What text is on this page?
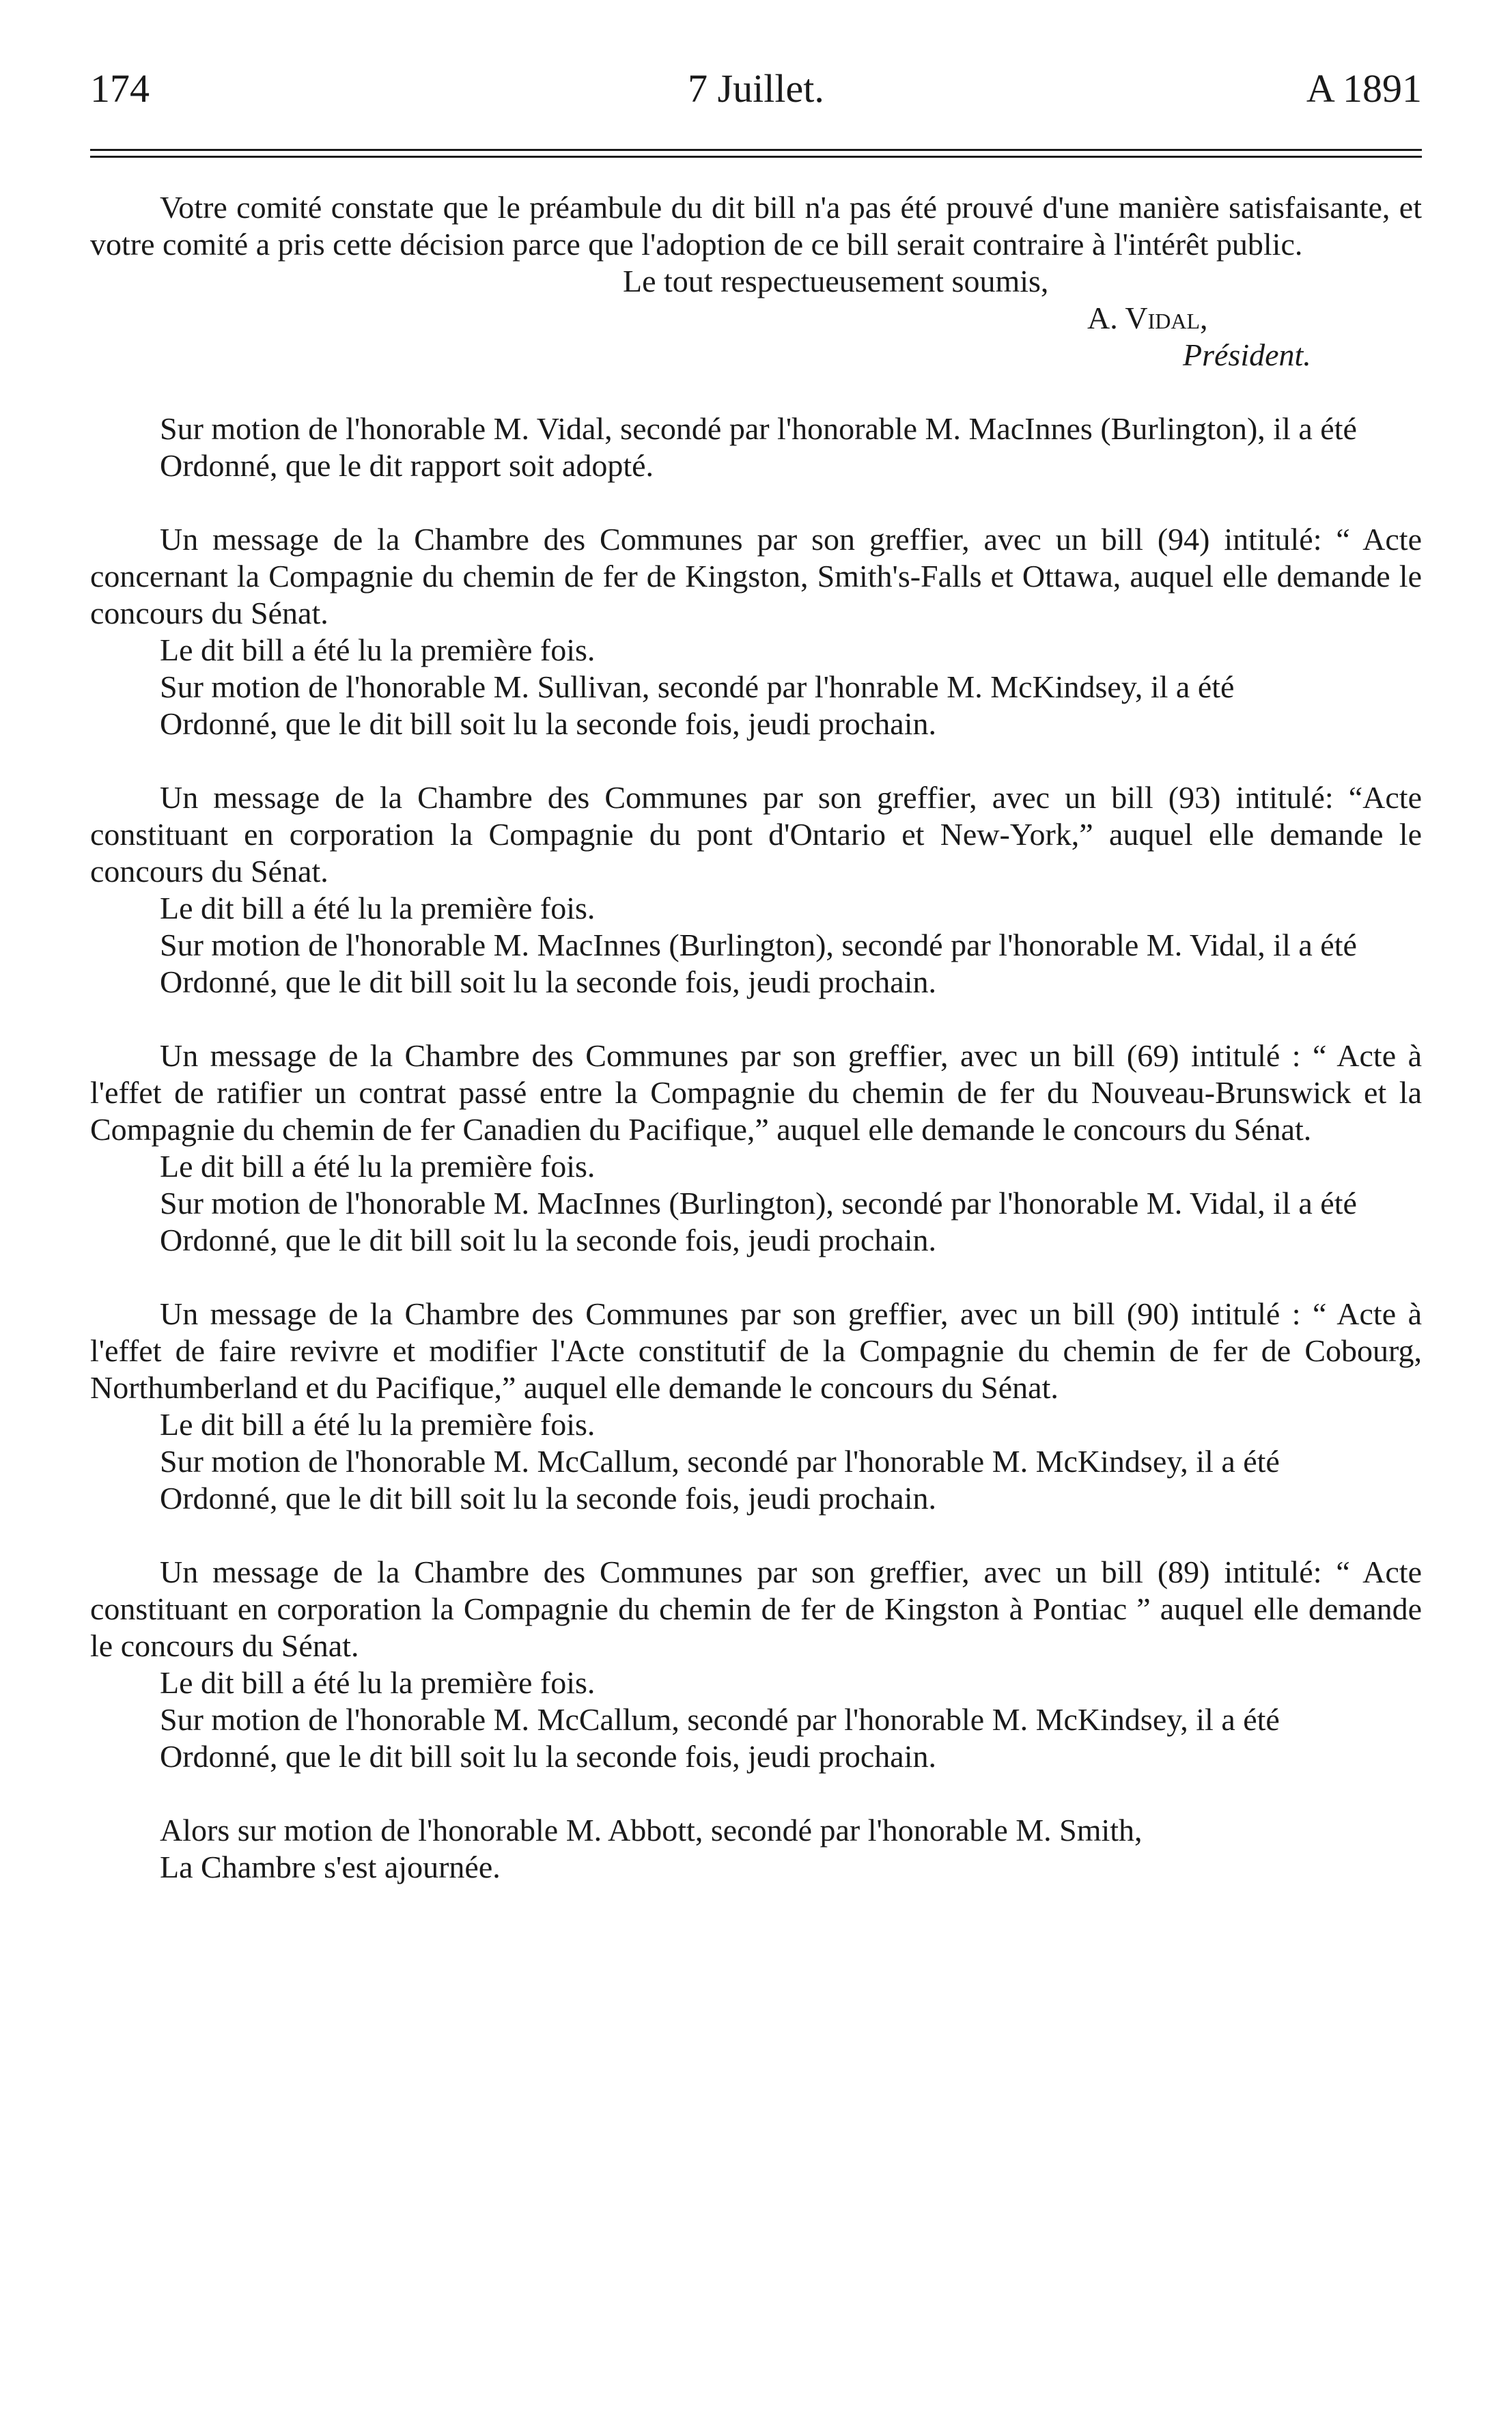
174	7 Juillet.	A 1891

Votre comité constate que le préambule du dit bill n'a pas été prouvé d'une manière satisfaisante, et votre comité a pris cette décision parce que l'adoption de ce bill serait contraire à l'intérêt public.

Le tout respectueusement soumis,

A. Vidal,

Président.

Sur motion de l'honorable M. Vidal, secondé par l'honorable M. MacInnes (Burlington), il a été

Ordonné, que le dit rapport soit adopté.

Un message de la Chambre des Communes par son greffier, avec un bill (94) intitulé: “ Acte concernant la Compagnie du chemin de fer de Kingston, Smith's-Falls et Ottawa, auquel elle demande le concours du Sénat.

Le dit bill a été lu la première fois.

Sur motion de l'honorable M. Sullivan, secondé par l'honrable M. McKindsey, il a été

Ordonné, que le dit bill soit lu la seconde fois, jeudi prochain.

Un message de la Chambre des Communes par son greffier, avec un bill (93) intitulé: “Acte constituant en corporation la Compagnie du pont d'Ontario et New-York,” auquel elle demande le concours du Sénat.

Le dit bill a été lu la première fois.

Sur motion de l'honorable M. MacInnes (Burlington), secondé par l'honorable M. Vidal, il a été

Ordonné, que le dit bill soit lu la seconde fois, jeudi prochain.

Un message de la Chambre des Communes par son greffier, avec un bill (69) intitulé : “ Acte à l'effet de ratifier un contrat passé entre la Compagnie du chemin de fer du Nouveau-Brunswick et la Compagnie du chemin de fer Canadien du Pacifique,” auquel elle demande le concours du Sénat.

Le dit bill a été lu la première fois.

Sur motion de l'honorable M. MacInnes (Burlington), secondé par l'honorable M. Vidal, il a été

Ordonné, que le dit bill soit lu la seconde fois, jeudi prochain.

Un message de la Chambre des Communes par son greffier, avec un bill (90) intitulé : “ Acte à l'effet de faire revivre et modifier l'Acte constitutif de la Compagnie du chemin de fer de Cobourg, Northumberland et du Pacifique,” auquel elle demande le concours du Sénat.

Le dit bill a été lu la première fois.

Sur motion de l'honorable M. McCallum, secondé par l'honorable M. McKindsey, il a été

Ordonné, que le dit bill soit lu la seconde fois, jeudi prochain.

Un message de la Chambre des Communes par son greffier, avec un bill (89) intitulé: “ Acte constituant en corporation la Compagnie du chemin de fer de Kingston à Pontiac ” auquel elle demande le concours du Sénat.

Le dit bill a été lu la première fois.

Sur motion de l'honorable M. McCallum, secondé par l'honorable M. McKindsey, il a été

Ordonné, que le dit bill soit lu la seconde fois, jeudi prochain.

Alors sur motion de l'honorable M. Abbott, secondé par l'honorable M. Smith,

La Chambre s'est ajournée.
